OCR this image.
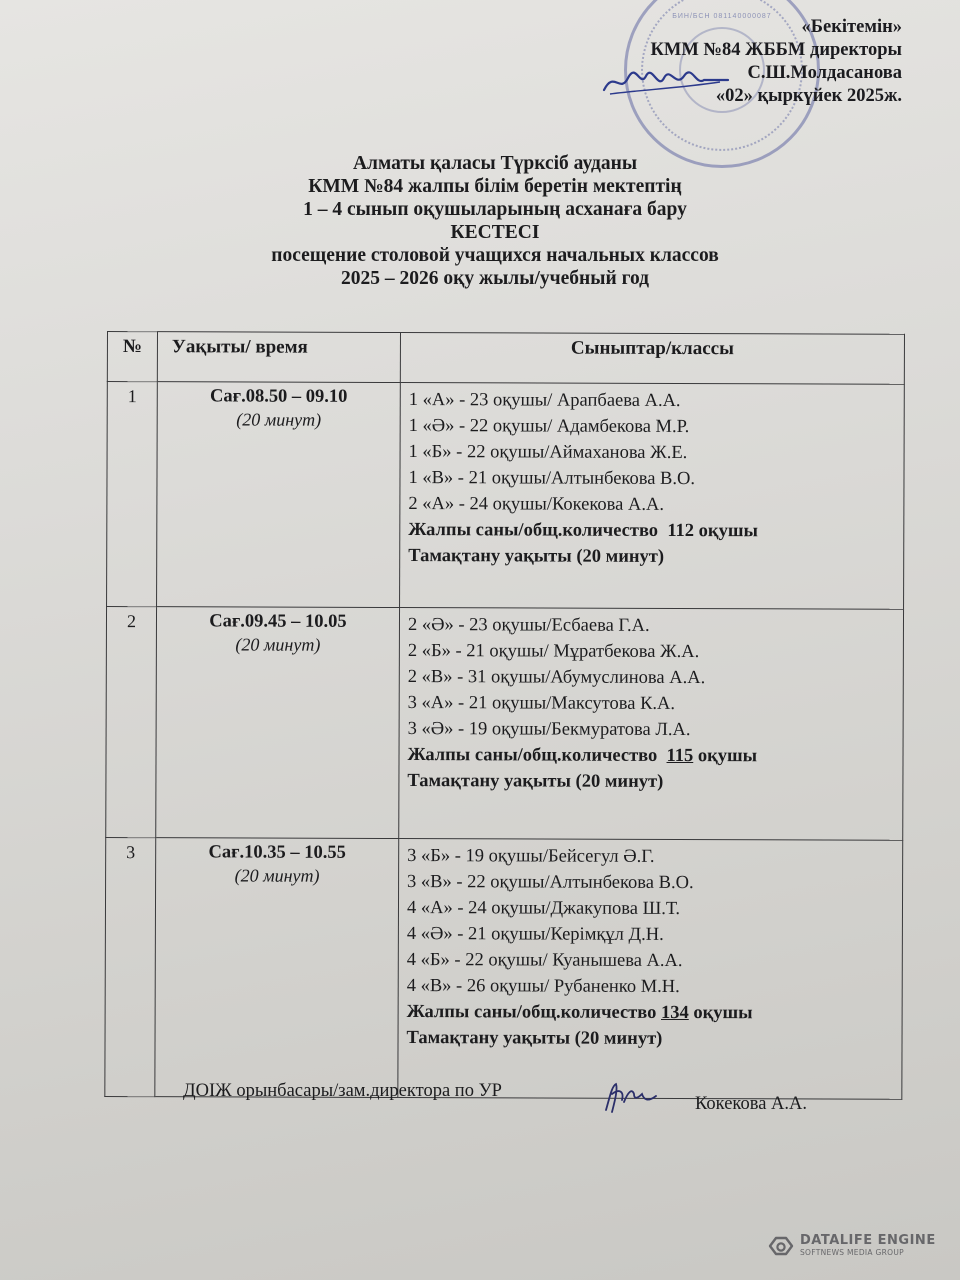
БИН/БСН 081140000087
«Бекітемін»
КММ №84 ЖББМ директоры
С.Ш.Молдасанова
«02» қыркүйек 2025ж.
Алматы қаласы Түрксіб ауданы
КММ №84 жалпы білім беретін мектептің
1 – 4 сынып оқушыларының асханаға бару
КЕСТЕСІ
посещение столовой учащихся начальных классов
2025 – 2026 оқу жылы/учебный год
№	Уақыты/ время	Сыныптар/классы
1	Сағ.08.50 – 09.10
(20 минут)

1 «А» - 23 оқушы/ Арапбаева А.А.
1 «Ә» - 22 оқушы/ Адамбекова М.Р.
1 «Б» - 22 оқушы/Аймаханова Ж.Е.
1 «В» - 21 оқушы/Алтынбекова В.О.
2 «А» - 24 оқушы/Кокекова А.А.
Жалпы саны/общ.количество 112 оқушы
Тамақтану уақыты (20 минут)

2	Сағ.09.45 – 10.05
(20 минут)

2 «Ә» - 23 оқушы/Есбаева Г.А.
2 «Б» - 21 оқушы/ Мұратбекова Ж.А.
2 «В» - 31 оқушы/Абумуслинова А.А.
3 «А» - 21 оқушы/Максутова К.А.
3 «Ә» - 19 оқушы/Бекмуратова Л.А.
Жалпы саны/общ.количество 115 оқушы
Тамақтану уақыты (20 минут)

3	Сағ.10.35 – 10.55
(20 минут)

3 «Б» - 19 оқушы/Бейсегул Ә.Г.
3 «В» - 22 оқушы/Алтынбекова В.О.
4 «А» - 24 оқушы/Джакупова Ш.Т.
4 «Ә» - 21 оқушы/Керімқұл Д.Н.
4 «Б» - 22 оқушы/ Куанышева А.А.
4 «В» - 26 оқушы/ Рубаненко М.Н.
Жалпы саны/общ.количество 134 оқушы
Тамақтану уақыты (20 минут)
ДОІЖ орынбасары/зам.директора по УР
Кокекова А.А.
DATALIFE ENGINE
SOFTNEWS MEDIA GROUP
